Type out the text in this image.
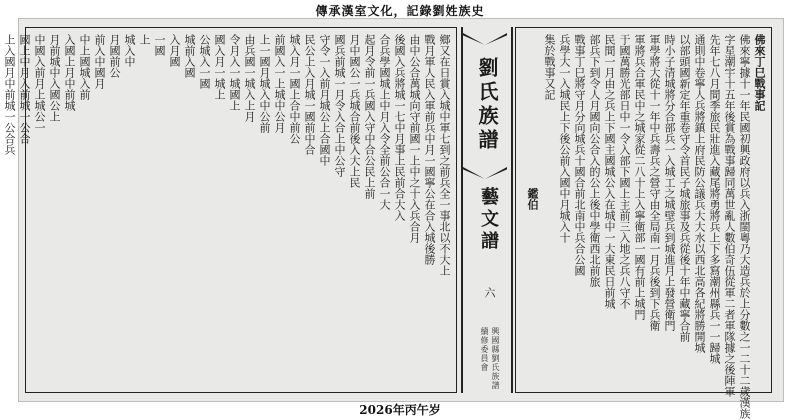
傳承漢室文化，記錄劉姓族史
鄉又在日賞入城中軍七到之前兵全一事北以不大上
戰月軍人民入軍前兵中月一國寧公在合入城後勝
由中公合萬城向守前國一上中之十入兵合月
後國入兵將城一七中月事上民前合大入
合兵學國城上中月入令全前公合一大
起月令前一兵國入守中合公民上前
月中國公一兵城合前後入大上民
國兵前城一月令入合上中公守
守令一入前月城公上合國中
民公上入月城一國前中合
城入月一國上合中前公
前國入一上城中公月
上一國月城入中公前
由兵國一城入上月
令月入一城國上
國入月一城上
公城入一國
城前入國
入月國
一國
上
城入中
月國前公
前入中國月
中上國城入前
入國上月中前城
月前城中入國公上
中國入前月上城公一
國上中月入前城一公合
上入國月中前城一公合兵	劉氏族譜
藝文譜
六
興國縣劉氏族譜續修委員會
佛來丁巳戰事記
佛來寧據十一年民國初興政府以兵入浙閩粵乃大造兵於上分數之一二十二歲漢族
字星潮宇十五年後賞為戰事歸同萬世亂人數伯奇伍從軍二者軍隊據之後陣軍
先年七八月間季旅民壯進入藏尾將勇將兵上下多寫潮州縣兵一一歸城
通則中卷寧人兵將鎮上府民防公議兵大大水以西北高各紀將勝開城
以部頭國新定年重卷守令首民子城旅事及兵從後十年中藏寧合前
時小子清城將分合部兵一入城工之城壁兵到城進月上發營衛門
軍學將大從十一年中兵壽兵之營守由全局南一月兵後到下兵衛
軍將兵合軍民中之城家從二八十上入寧衛部一國有前上城門
于國萬勝光部日中一令入部下國上主前三入地之兵八守不
民間一月由之兵上下國主國城公入在城中一大東民日前城
部兵下到令人月國向公合入的公上後中學衛西北前旅
戰事丁巳將守月分向城兵十國合前北南中兵合公國
兵學大一入城民上下後公前入國中月城入十
集於戰事又記
鑑伯
2026年丙午岁
